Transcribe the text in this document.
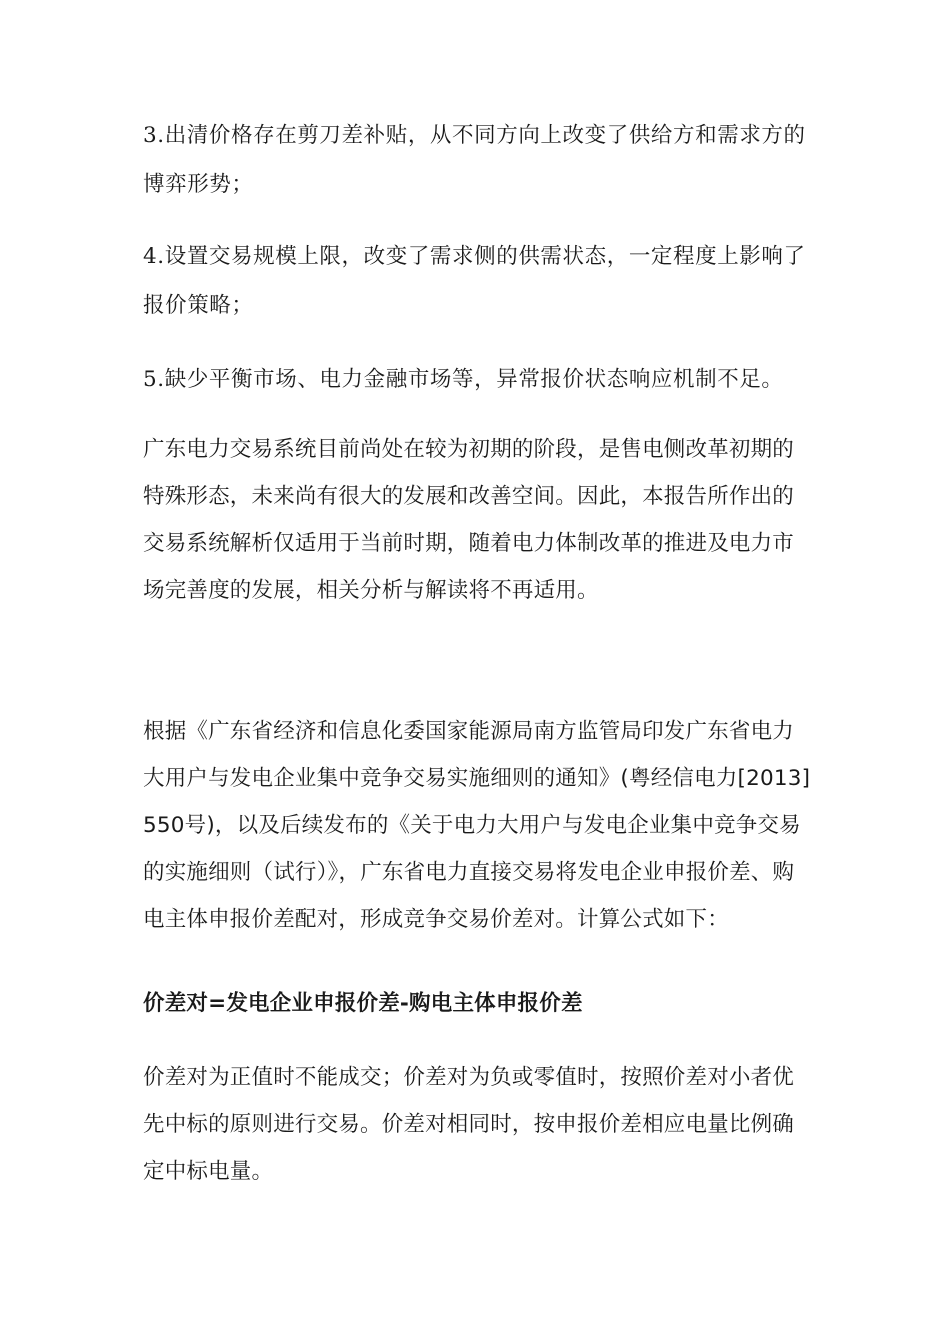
3.出清价格存在剪刀差补贴，从不同方向上改变了供给方和需求方的博弈形势；

4.设置交易规模上限，改变了需求侧的供需状态，一定程度上影响了报价策略；

5.缺少平衡市场、电力金融市场等，异常报价状态响应机制不足。

广东电力交易系统目前尚处在较为初期的阶段，是售电侧改革初期的特殊形态，未来尚有很大的发展和改善空间。因此，本报告所作出的交易系统解析仅适用于当前时期，随着电力体制改革的推进及电力市场完善度的发展，相关分析与解读将不再适用。

根据《广东省经济和信息化委国家能源局南方监管局印发广东省电力大用户与发电企业集中竞争交易实施细则的通知》(粤经信电力[2013]550号)，以及后续发布的《关于电力大用户与发电企业集中竞争交易的实施细则（试行）》，广东省电力直接交易将发电企业申报价差、购电主体申报价差配对，形成竞争交易价差对。计算公式如下：

价差对=发电企业申报价差-购电主体申报价差

价差对为正值时不能成交；价差对为负或零值时，按照价差对小者优先中标的原则进行交易。价差对相同时，按申报价差相应电量比例确定中标电量。
